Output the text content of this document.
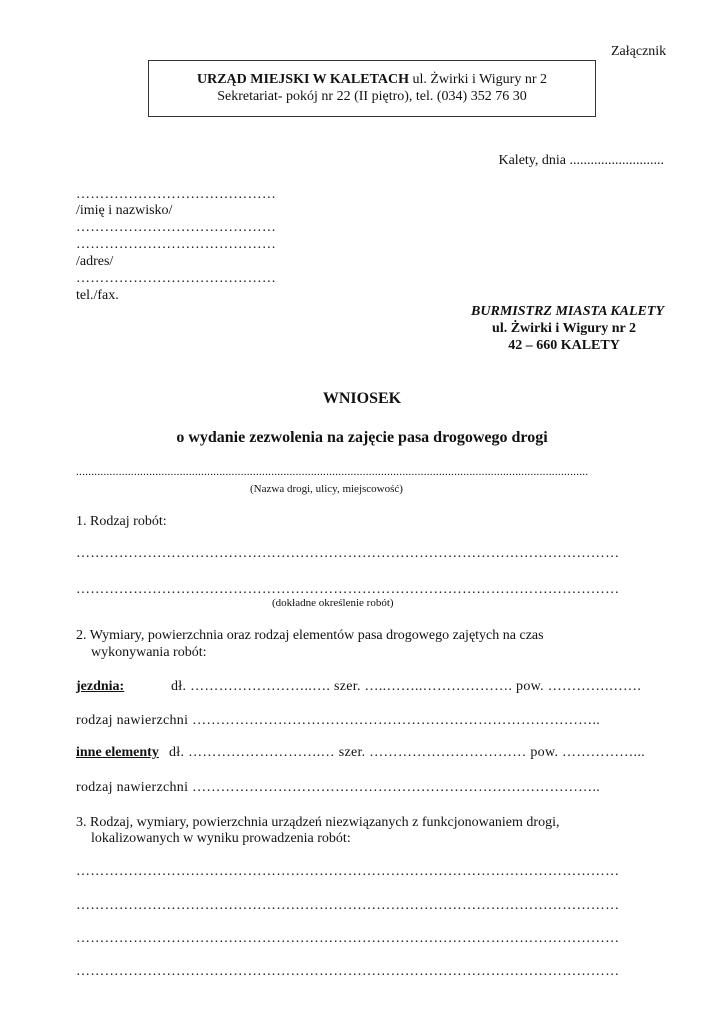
Załącznik
URZĄD MIEJSKI W KALETACH ul. Żwirki i Wigury nr 2
Sekretariat- pokój nr 22 (II piętro), tel. (034) 352 76 30
Kalety, dnia ...........................
……………………………………
/imię i nazwisko/
……………………………………
……………………………………
/adres/
……………………………………
tel./fax.
BURMISTRZ MIASTA KALETY
ul. Żwirki i Wigury nr 2
42 – 660 KALETY
WNIOSEK
o wydanie zezwolenia na zajęcie pasa drogowego drogi
........................................................................................................................................................................
(Nazwa drogi, ulicy, miejscowość)
1. Rodzaj robót:
……………………………………………………………………………………………………
……………………………………………………………………………………………………
(dokładne określenie robót)
2. Wymiary, powierzchnia oraz rodzaj elementów pasa drogowego zajętych na czas
wykonywania robót:
jezdnia:	dł. ……………………..…. szer. …..……..………………. pow. ………….…….
rodzaj nawierzchni …………………………………………………………………………..
inne elementy dł. ……………………….… szer. …………………………… pow. ……………...
rodzaj nawierzchni …………………………………………………………………………..
3. Rodzaj, wymiary, powierzchnia urządzeń niezwiązanych z funkcjonowaniem drogi,
lokalizowanych w wyniku prowadzenia robót:
……………………………………………………………………………………………………
……………………………………………………………………………………………………
……………………………………………………………………………………………………
……………………………………………………………………………………………………
